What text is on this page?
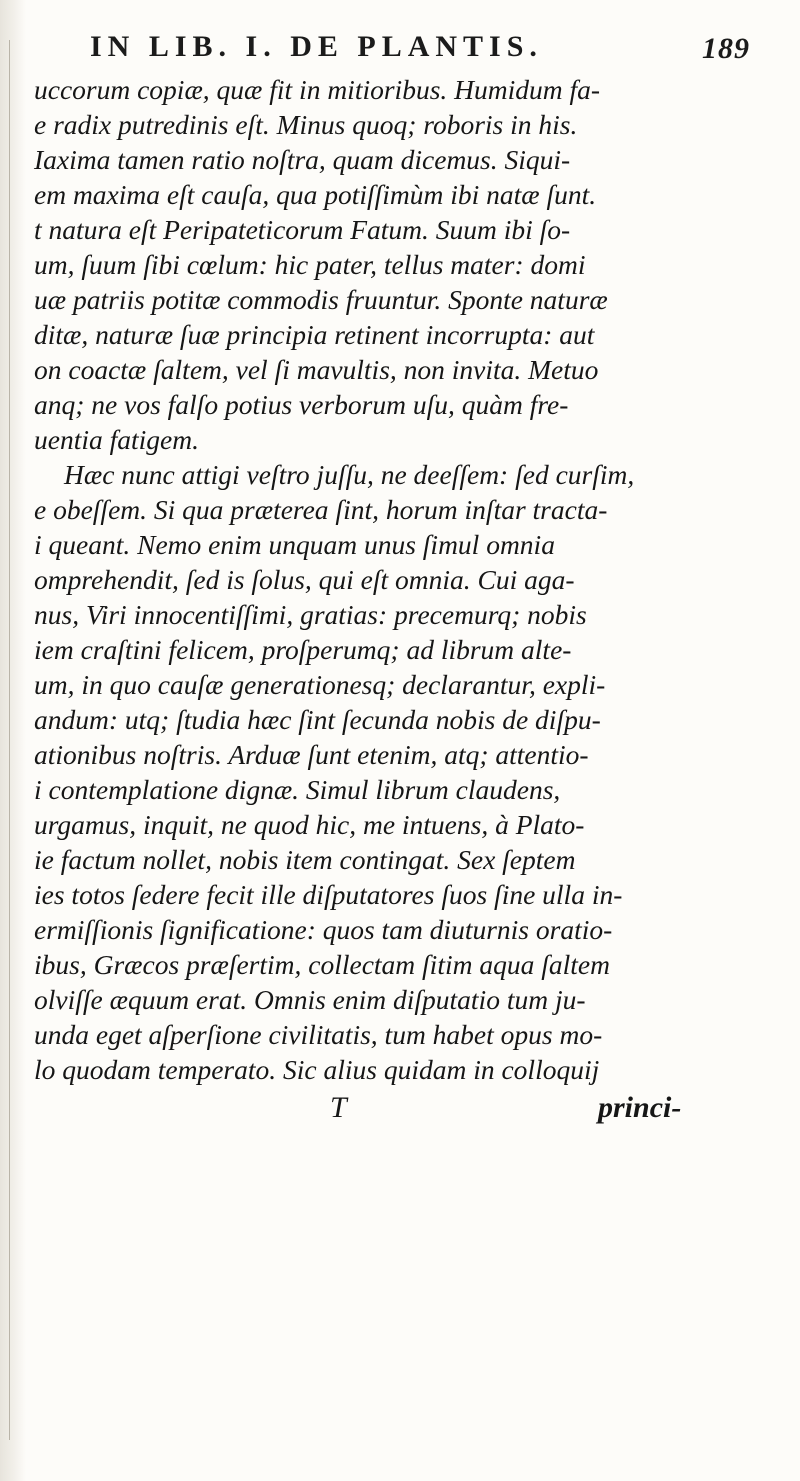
IN LIB. I. DE PLANTIS.	189
uccorum copiæ, quæ fit in mitioribus. Humidum fa-
e radix putredinis eſt. Minus quoq; roboris in his.
Iaxima tamen ratio noſtra, quam dicemus. Siqui-
em maxima eſt cauſa, qua potiſſimùm ibi natæ ſunt.
t natura eſt Peripateticorum Fatum. Suum ibi ſo-
um, ſuum ſibi cœlum: hic pater, tellus mater: domi
uæ patriis potitæ commodis fruuntur. Sponte naturæ
ditæ, naturæ ſuæ principia retinent incorrupta: aut
on coactæ ſaltem, vel ſi mavultis, non invita. Metuo
anq; ne vos falſo potius verborum uſu, quàm fre-
uentia fatigem.
Hæc nunc attigi veſtro juſſu, ne deeſſem: ſed curſim,
e obeſſem. Si qua præterea ſint, horum inſtar tracta-
i queant. Nemo enim unquam unus ſimul omnia
omprehendit, ſed is ſolus, qui eſt omnia. Cui aga-
nus, Viri innocentiſſimi, gratias: precemurq; nobis
iem craſtini felicem, proſperumq; ad librum alte-
um, in quo cauſæ generationesq; declarantur, expli-
andum: utq; ſtudia hæc ſint ſecunda nobis de diſpu-
ationibus noſtris. Arduæ ſunt etenim, atq; attentio-
i contemplatione dignæ. Simul librum claudens,
urgamus, inquit, ne quod hic, me intuens, à Plato-
ie factum nollet, nobis item contingat. Sex ſeptem
ies totos ſedere fecit ille diſputatores ſuos ſine ulla in-
ermiſſionis ſignificatione: quos tam diuturnis oratio-
ibus, Græcos præſertim, collectam ſitim aqua ſaltem
olviſſe æquum erat. Omnis enim diſputatio tum ju-
unda eget aſperſione civilitatis, tum habet opus mo-
lo quodam temperato. Sic alius quidam in colloquij
T	princi-
